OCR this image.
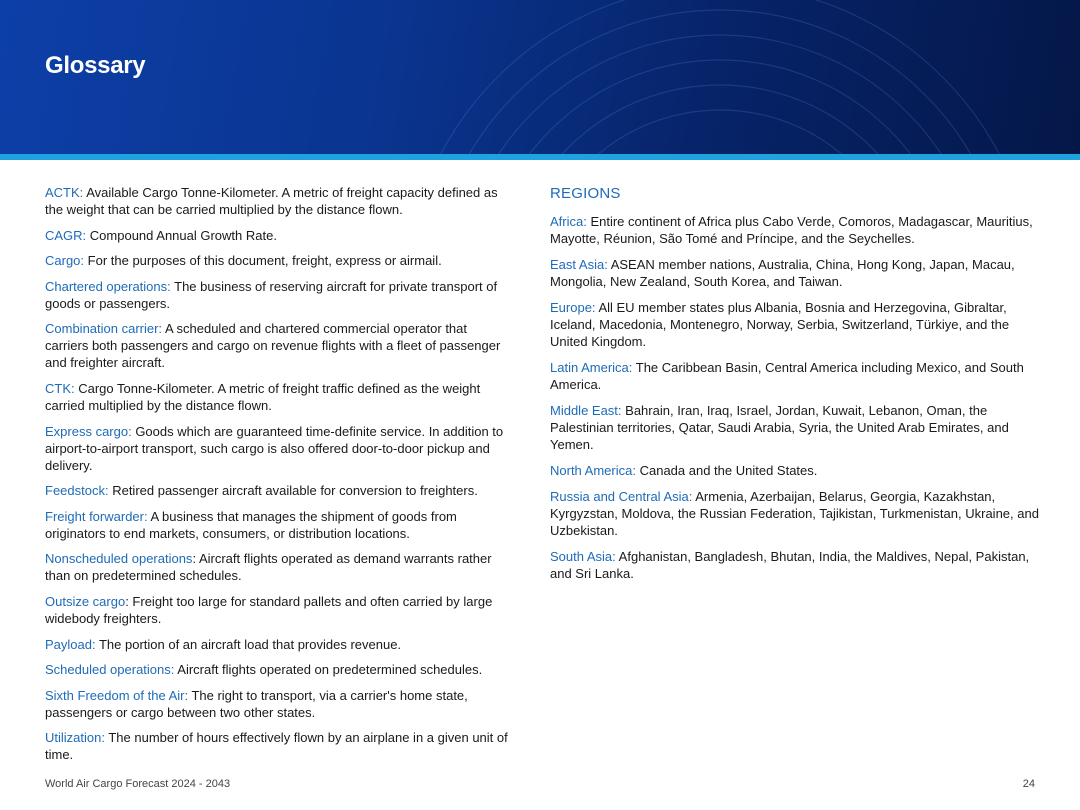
Glossary

ACTK: Available Cargo Tonne-Kilometer. A metric of freight capacity defined as the weight that can be carried multiplied by the distance flown.

CAGR: Compound Annual Growth Rate.

Cargo: For the purposes of this document, freight, express or airmail.

Chartered operations: The business of reserving aircraft for private transport of goods or passengers.

Combination carrier: A scheduled and chartered commercial operator that carriers both passengers and cargo on revenue flights with a fleet of passenger and freighter aircraft.

CTK: Cargo Tonne-Kilometer. A metric of freight traffic defined as the weight carried multiplied by the distance flown.

Express cargo: Goods which are guaranteed time-definite service. In addition to airport-to-airport transport, such cargo is also offered door-to-door pickup and delivery.

Feedstock: Retired passenger aircraft available for conversion to freighters.

Freight forwarder: A business that manages the shipment of goods from originators to end markets, consumers, or distribution locations.

Nonscheduled operations: Aircraft flights operated as demand warrants rather than on predetermined schedules.

Outsize cargo: Freight too large for standard pallets and often carried by large widebody freighters.

Payload: The portion of an aircraft load that provides revenue.

Scheduled operations: Aircraft flights operated on predetermined schedules.

Sixth Freedom of the Air: The right to transport, via a carrier's home state, passengers or cargo between two other states.

Utilization: The number of hours effectively flown by an airplane in a given unit of time.

REGIONS

Africa: Entire continent of Africa plus Cabo Verde, Comoros, Madagascar, Mauritius, Mayotte, Réunion, São Tomé and Príncipe, and the Seychelles.

East Asia: ASEAN member nations, Australia, China, Hong Kong, Japan, Macau, Mongolia, New Zealand, South Korea, and Taiwan.

Europe: All EU member states plus Albania, Bosnia and Herzegovina, Gibraltar, Iceland, Macedonia, Montenegro, Norway, Serbia, Switzerland, Türkiye, and the United Kingdom.

Latin America: The Caribbean Basin, Central America including Mexico, and South America.

Middle East: Bahrain, Iran, Iraq, Israel, Jordan, Kuwait, Lebanon, Oman, the Palestinian territories, Qatar, Saudi Arabia, Syria, the United Arab Emirates, and Yemen.

North America: Canada and the United States.

Russia and Central Asia: Armenia, Azerbaijan, Belarus, Georgia, Kazakhstan, Kyrgyzstan, Moldova, the Russian Federation, Tajikistan, Turkmenistan, Ukraine, and Uzbekistan.

South Asia: Afghanistan, Bangladesh, Bhutan, India, the Maldives, Nepal, Pakistan, and Sri Lanka.

World Air Cargo Forecast 2024 - 2043	24
